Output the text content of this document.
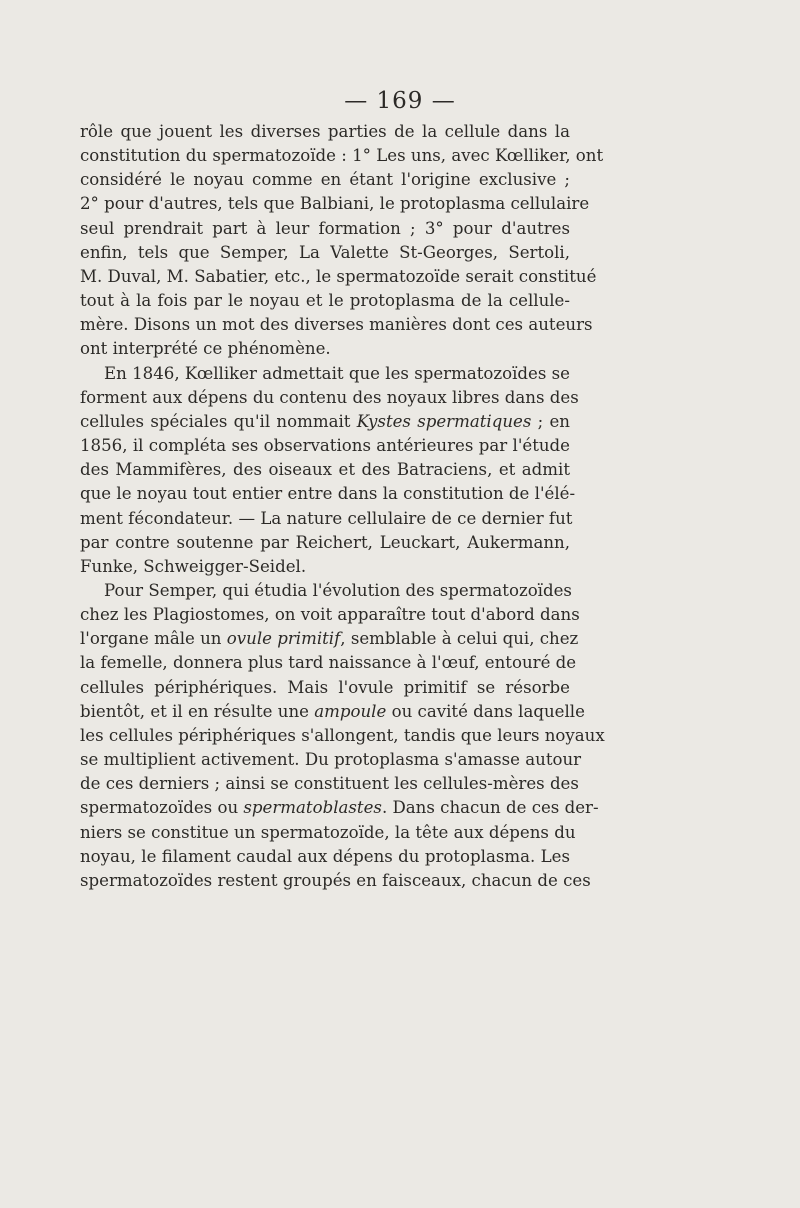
— 169 —
rôle que jouent les diverses parties de la cellule dans la
constitution du spermatozoïde : 1° Les uns, avec Kœlliker, ont
considéré le noyau comme en étant l'origine exclusive ;
2° pour d'autres, tels que Balbiani, le protoplasma cellulaire
seul prendrait part à leur formation ; 3° pour d'autres
enfin, tels que Semper, La Valette St-Georges, Sertoli,
M. Duval, M. Sabatier, etc., le spermatozoïde serait constitué
tout à la fois par le noyau et le protoplasma de la cellule-
mère. Disons un mot des diverses manières dont ces auteurs
ont interprété ce phénomène.
En 1846, Kœlliker admettait que les spermatozoïdes se
forment aux dépens du contenu des noyaux libres dans des
cellules spéciales qu'il nommait Kystes spermatiques ; en
1856, il compléta ses observations antérieures par l'étude
des Mammifères, des oiseaux et des Batraciens, et admit
que le noyau tout entier entre dans la constitution de l'élé-
ment fécondateur. — La nature cellulaire de ce dernier fut
par contre soutenne par Reichert, Leuckart, Aukermann,
Funke, Schweigger-Seidel.
Pour Semper, qui étudia l'évolution des spermatozoïdes
chez les Plagiostomes, on voit apparaître tout d'abord dans
l'organe mâle un ovule primitif, semblable à celui qui, chez
la femelle, donnera plus tard naissance à l'œuf, entouré de
cellules périphériques. Mais l'ovule primitif se résorbe
bientôt, et il en résulte une ampoule ou cavité dans laquelle
les cellules périphériques s'allongent, tandis que leurs noyaux
se multiplient activement. Du protoplasma s'amasse autour
de ces derniers ; ainsi se constituent les cellules-mères des
spermatozoïdes ou spermatoblastes. Dans chacun de ces der-
niers se constitue un spermatozoïde, la tête aux dépens du
noyau, le filament caudal aux dépens du protoplasma. Les
spermatozoïdes restent groupés en faisceaux, chacun de ces
